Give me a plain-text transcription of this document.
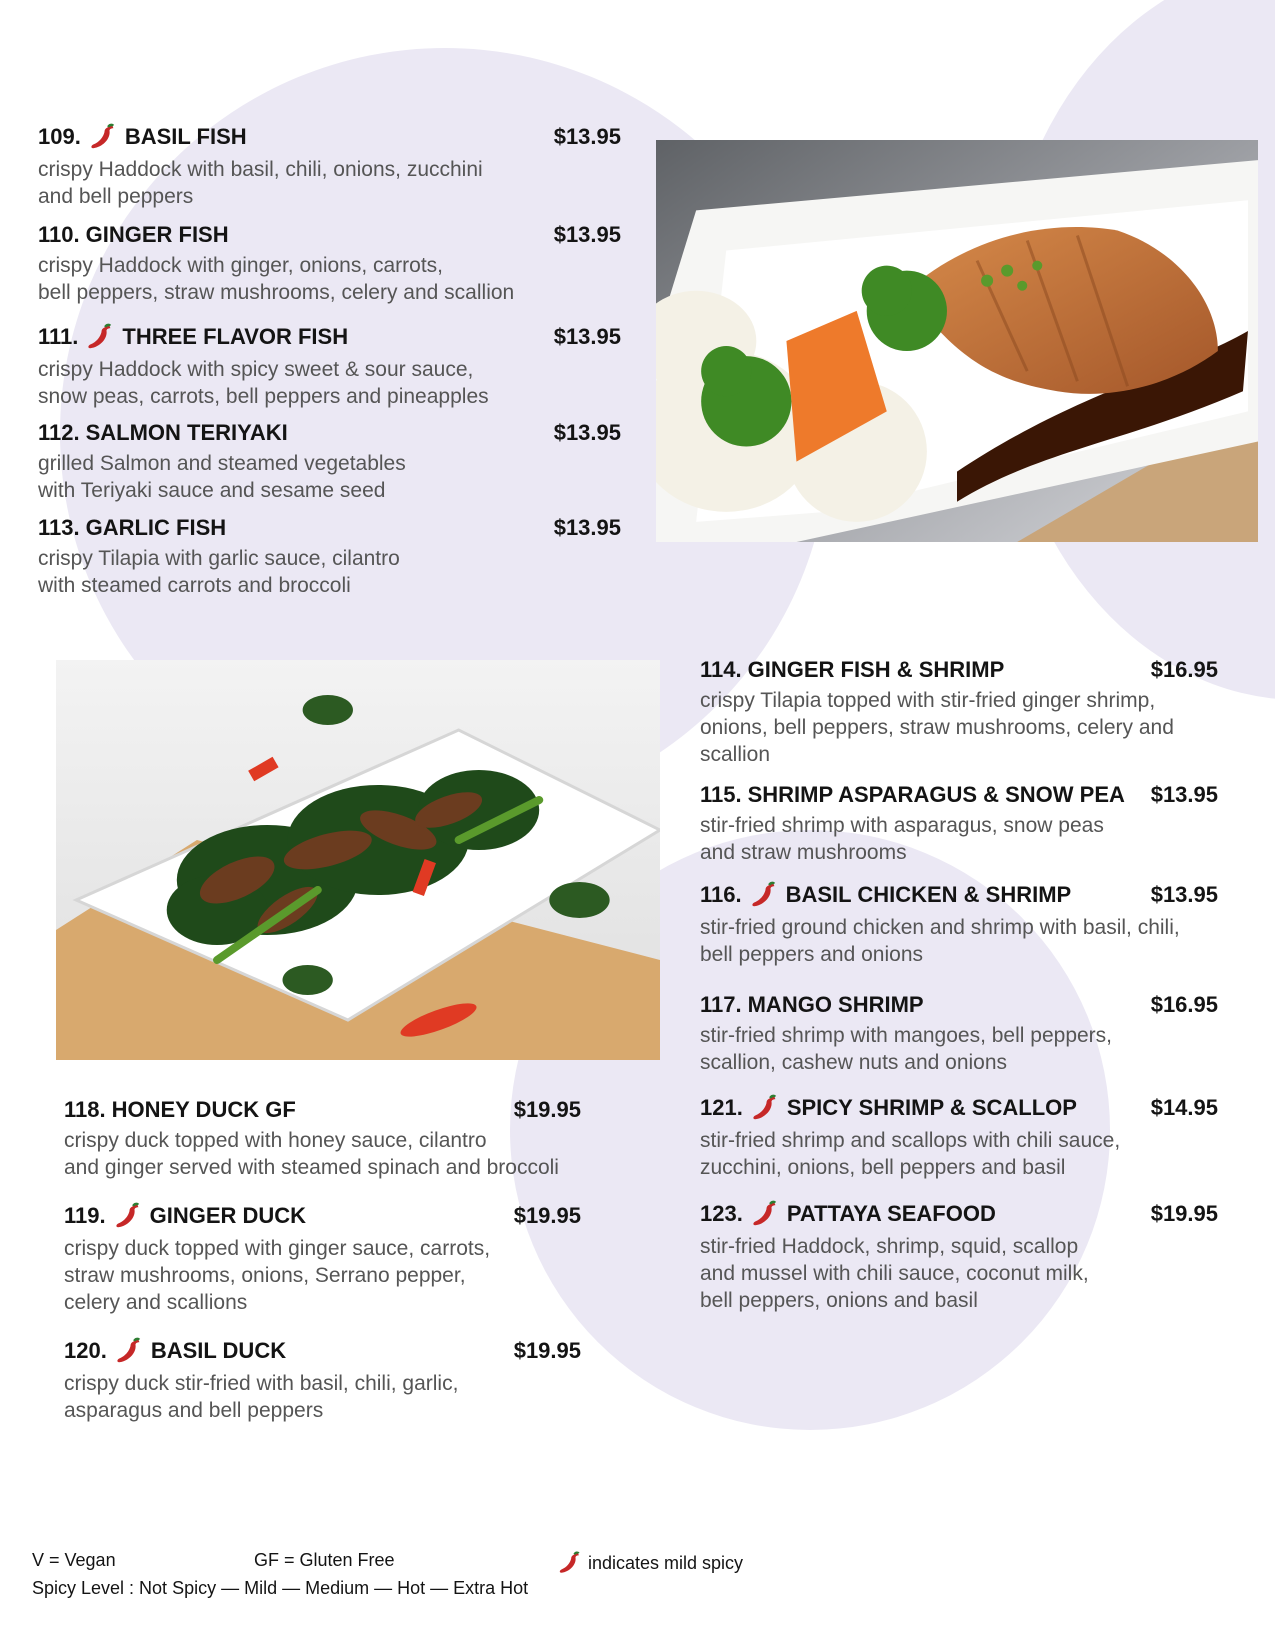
109. BASIL FISH	$13.95
crispy Haddock with basil, chili, onions, zucchini
and bell peppers
110. GINGER FISH	$13.95
crispy Haddock with ginger, onions, carrots,
bell peppers, straw mushrooms, celery and scallion
111. THREE FLAVOR FISH	$13.95
crispy Haddock with spicy sweet & sour sauce,
snow peas, carrots, bell peppers and pineapples
112. SALMON TERIYAKI	$13.95
grilled Salmon and steamed vegetables
with Teriyaki sauce and sesame seed
113. GARLIC FISH	$13.95
crispy Tilapia with garlic sauce, cilantro
with steamed carrots and broccoli
114. GINGER FISH & SHRIMP	$16.95
crispy Tilapia topped with stir-fried ginger shrimp,
onions, bell peppers, straw mushrooms, celery and
scallion
115. SHRIMP ASPARAGUS & SNOW PEA $13.95
stir-fried shrimp with asparagus, snow peas
and straw mushrooms
116. BASIL CHICKEN & SHRIMP	$13.95
stir-fried ground chicken and shrimp with basil, chili,
bell peppers and onions
117. MANGO SHRIMP	$16.95
stir-fried shrimp with mangoes, bell peppers,
scallion, cashew nuts and onions
121. SPICY SHRIMP & SCALLOP	$14.95
stir-fried shrimp and scallops with chili sauce,
zucchini, onions, bell peppers and basil
123. PATTAYA SEAFOOD	$19.95
stir-fried Haddock, shrimp, squid, scallop
and mussel with chili sauce, coconut milk,
bell peppers, onions and basil
118. HONEY DUCK GF	$19.95
crispy duck topped with honey sauce, cilantro
and ginger served with steamed spinach and broccoli
119. GINGER DUCK	$19.95
crispy duck topped with ginger sauce, carrots,
straw mushrooms, onions, Serrano pepper,
celery and scallions
120. BASIL DUCK	$19.95
crispy duck stir-fried with basil, chili, garlic,
asparagus and bell peppers
V = Vegan	GF = Gluten Free	indicates mild spicy
Spicy Level : Not Spicy — Mild — Medium — Hot — Extra Hot
